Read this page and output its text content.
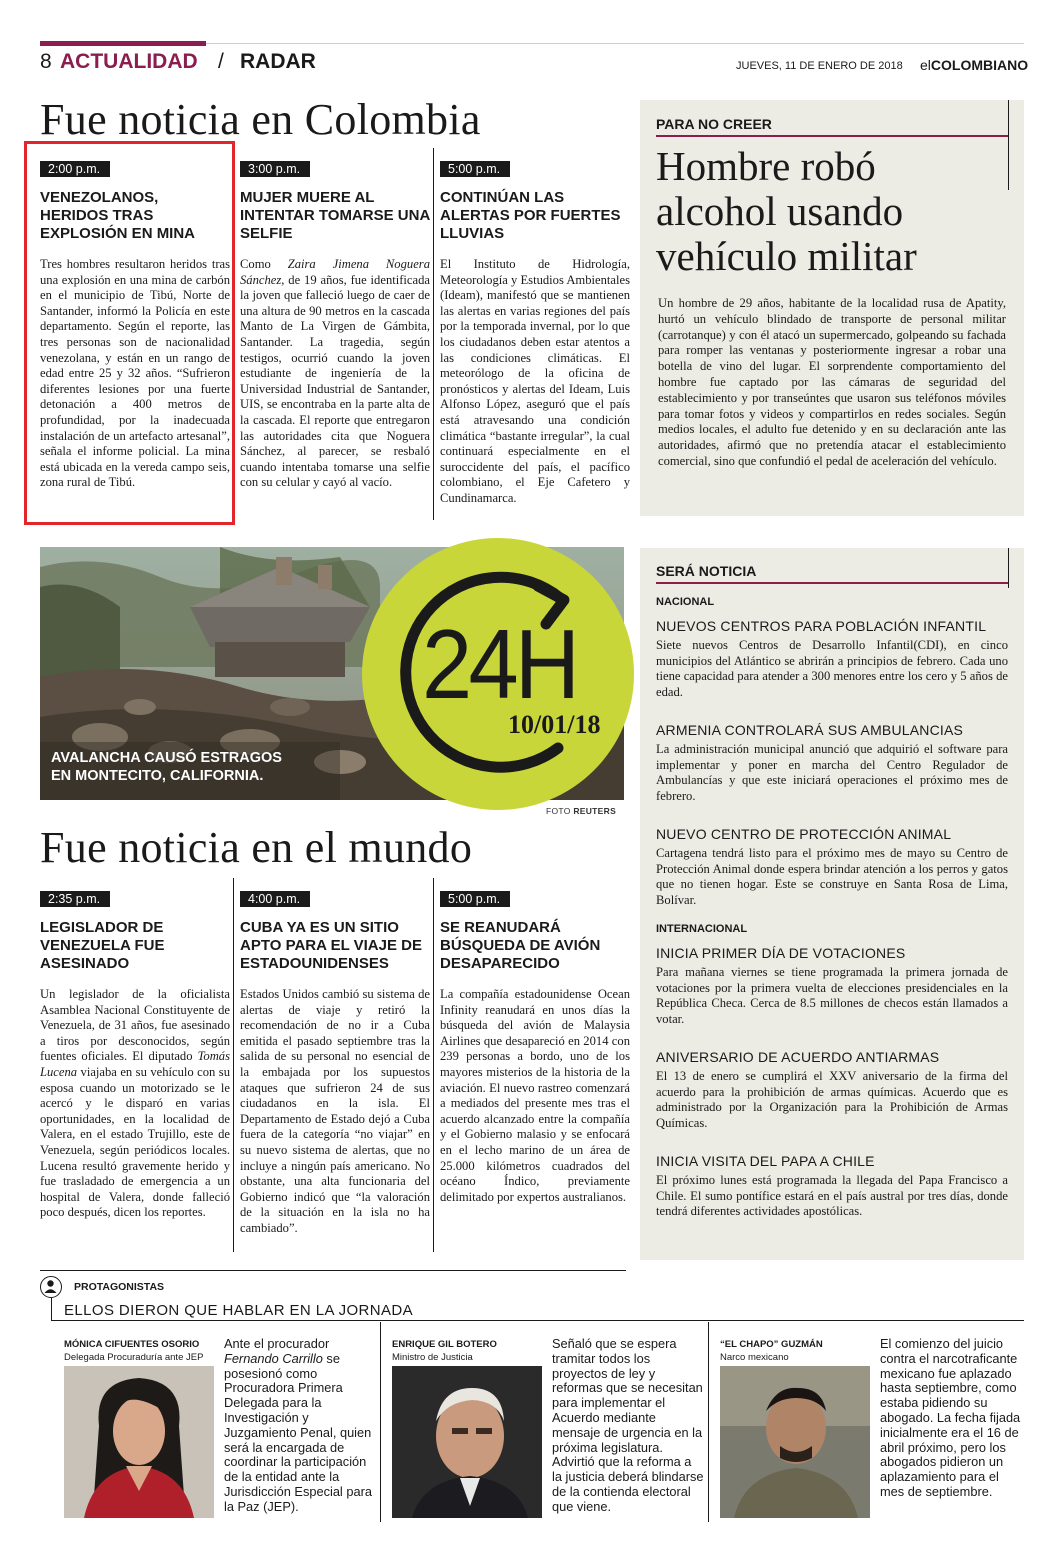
8 ACTUALIDAD / RADAR	JUEVES, 11 DE ENERO DE 2018 elCOLOMBIANO
Fue noticia en Colombia
2:00 p.m.
VENEZOLANOS, HERIDOS TRAS EXPLOSIÓN EN MINA
Tres hombres resultaron heridos tras una explosión en una mina de carbón en el municipio de Tibú, Norte de Santander, informó la Policía en este departamento. Según el reporte, las tres personas son de nacionalidad venezolana, y están en un rango de edad entre 25 y 32 años. “Sufrieron diferentes lesiones por una fuerte detonación a 400 metros de profundidad, por la inadecuada instalación de un artefacto artesanal”, señala el informe policial. La mina está ubicada en la vereda campo seis, zona rural de Tibú.
3:00 p.m.
MUJER MUERE AL INTENTAR TOMARSE UNA SELFIE
Como Zaira Jimena Noguera Sánchez, de 19 años, fue identificada la joven que falleció luego de caer de una altura de 90 metros en la cascada Manto de La Virgen de Gámbita, Santander. La tragedia, según testigos, ocurrió cuando la joven estudiante de ingeniería de la Universidad Industrial de Santander, UIS, se encontraba en la parte alta de la cascada. El reporte que entregaron las autoridades cita que Noguera Sánchez, al parecer, se resbaló cuando intentaba tomarse una selfie con su celular y cayó al vacío.
5:00 p.m.
CONTINÚAN LAS ALERTAS POR FUERTES LLUVIAS
El Instituto de Hidrología, Meteorología y Estudios Ambientales (Ideam), manifestó que se mantienen las alertas en varias regiones del país por la temporada invernal, por lo que los ciudadanos deben estar atentos a las condiciones climáticas. El meteorólogo de la oficina de pronósticos y alertas del Ideam, Luis Alfonso López, aseguró que el país está atravesando una condición climática “bastante irregular”, la cual continuará especialmente en el suroccidente del país, el pacífico colombiano, el Eje Cafetero y Cundinamarca.
PARA NO CREER
Hombre robó alcohol usando vehículo militar
Un hombre de 29 años, habitante de la localidad rusa de Apatity, hurtó un vehículo blindado de transporte de personal militar (carrotanque) y con él atacó un supermercado, golpeando su fachada para romper las ventanas y posteriormente ingresar a robar una botella de vino del lugar. El sorprendente comportamiento del hombre fue captado por las cámaras de seguridad del establecimiento y por transeúntes que usaron sus teléfonos móviles para tomar fotos y videos y compartirlos en redes sociales. Según medios locales, el adulto fue detenido y en su declaración ante las autoridades, afirmó que no pretendía atacar el establecimiento comercial, sino que confundió el pedal de aceleración del vehículo.
AVALANCHA CAUSÓ ESTRAGOS
EN MONTECITO, CALIFORNIA.
24H
10/01/18
FOTO REUTERS
SERÁ NOTICIA
NACIONAL
NUEVOS CENTROS PARA POBLACIÓN INFANTIL
Siete nuevos Centros de Desarrollo Infantil(CDI), en cinco municipios del Atlántico se abrirán a principios de febrero. Cada uno tiene capacidad para atender a 300 menores entre los cero y 5 años de edad.
ARMENIA CONTROLARÁ SUS AMBULANCIAS
La administración municipal anunció que adquirió el software para implementar y poner en marcha del Centro Regulador de Ambulancías y que este iniciará operaciones el próximo mes de febrero.
NUEVO CENTRO DE PROTECCIÓN ANIMAL
Cartagena tendrá listo para el próximo mes de mayo su Centro de Protección Animal donde espera brindar atención a los perros y gatos que no tienen hogar. Este se construye en Santa Rosa de Lima, Bolívar.
INTERNACIONAL
INICIA PRIMER DÍA DE VOTACIONES
Para mañana viernes se tiene programada la primera jornada de votaciones por la primera vuelta de elecciones presidenciales en la República Checa. Cerca de 8.5 millones de checos están llamados a votar.
ANIVERSARIO DE ACUERDO ANTIARMAS
El 13 de enero se cumplirá el XXV aniversario de la firma del acuerdo para la prohibición de armas químicas. Acuerdo que es administrado por la Organización para la Prohibición de Armas Químicas.
INICIA VISITA DEL PAPA A CHILE
El próximo lunes está programada la llegada del Papa Francisco a Chile. El sumo pontífice estará en el país austral por tres días, donde tendrá diferentes actividades apostólicas.
Fue noticia en el mundo
2:35 p.m.
LEGISLADOR DE VENEZUELA FUE ASESINADO
Un legislador de la oficialista Asamblea Nacional Constituyente de Venezuela, de 31 años, fue asesinado a tiros por desconocidos, según fuentes oficiales. El diputado Tomás Lucena viajaba en su vehículo con su esposa cuando un motorizado se le acercó y le disparó en varias oportunidades, en la localidad de Valera, en el estado Trujillo, este de Venezuela, según periódicos locales. Lucena resultó gravemente herido y fue trasladado de emergencia a un hospital de Valera, donde falleció poco después, dicen los reportes.
4:00 p.m.
CUBA YA ES UN SITIO APTO PARA EL VIAJE DE ESTADOUNIDENSES
Estados Unidos cambió su sistema de alertas de viaje y retiró la recomendación de no ir a Cuba emitida el pasado septiembre tras la salida de su personal no esencial de la embajada por los supuestos ataques que sufrieron 24 de sus ciudadanos en la isla. El Departamento de Estado dejó a Cuba fuera de la categoría “no viajar” en su nuevo sistema de alertas, que no incluye a ningún país americano. No obstante, una alta funcionaria del Gobierno indicó que “la valoración de la situación en la isla no ha cambiado”.
5:00 p.m.
SE REANUDARÁ BÚSQUEDA DE AVIÓN DESAPARECIDO
La compañía estadounidense Ocean Infinity reanudará en unos días la búsqueda del avión de Malaysia Airlines que desapareció en 2014 con 239 personas a bordo, uno de los mayores misterios de la historia de la aviación. El nuevo rastreo comenzará a mediados del presente mes tras el acuerdo alcanzado entre la compañía y el Gobierno malasio y se enfocará en el lecho marino de un área de 25.000 kilómetros cuadrados del océano Índico, previamente delimitado por expertos australianos.
PROTAGONISTAS
ELLOS DIERON QUE HABLAR EN LA JORNADA
MÓNICA CIFUENTES OSORIO
Delegada Procuraduría ante JEP
Ante el procurador Fernando Carrillo se posesionó como Procuradora Primera Delegada para la Investigación y Juzgamiento Penal, quien será la encargada de coordinar la participación de la entidad ante la Jurisdicción Especial para la Paz (JEP).
ENRIQUE GIL BOTERO
Ministro de Justicia
Señaló que se espera tramitar todos los proyectos de ley y reformas que se necesitan para implementar el Acuerdo mediante mensaje de urgencia en la próxima legislatura. Advirtió que la reforma a la justicia deberá blindarse de la contienda electoral que viene.
“EL CHAPO” GUZMÁN
Narco mexicano
El comienzo del juicio contra el narcotraficante mexicano fue aplazado hasta septiembre, como estaba pidiendo su abogado. La fecha fijada inicialmente era el 16 de abril próximo, pero los abogados pidieron un aplazamiento para el mes de septiembre.
